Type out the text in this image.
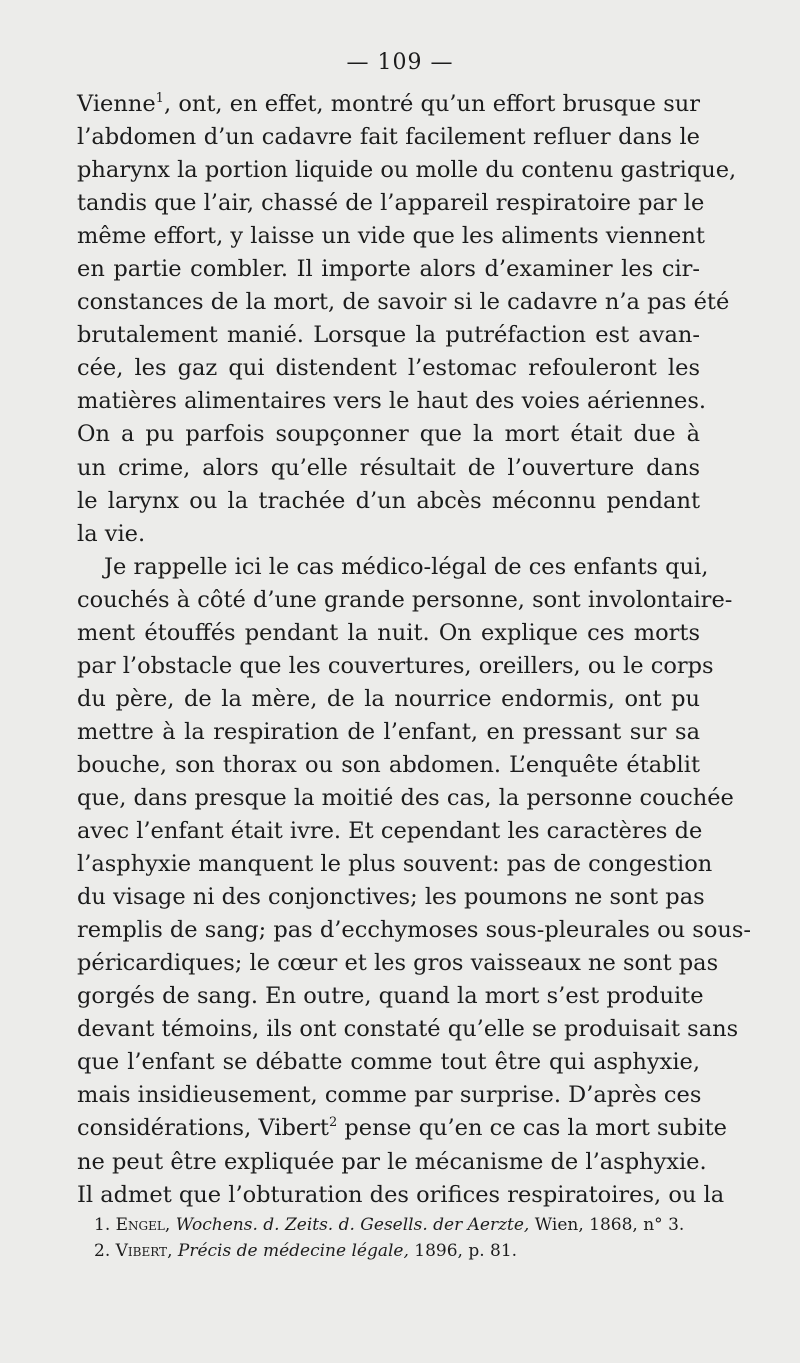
— 109 —
Vienne$^1$, ont, en effet, montré qu’un effort brusque sur
l’abdomen d’un cadavre fait facilement refluer dans le
pharynx la portion liquide ou molle du contenu gastrique,
tandis que l’air, chassé de l’appareil respiratoire par le
même effort, y laisse un vide que les aliments viennent
en partie combler. Il importe alors d’examiner les cir-
constances de la mort, de savoir si le cadavre n’a pas été
brutalement manié. Lorsque la putréfaction est avan-
cée, les gaz qui distendent l’estomac refouleront les
matières alimentaires vers le haut des voies aériennes.
On a pu parfois soupçonner que la mort était due à
un crime, alors qu’elle résultait de l’ouverture dans
le larynx ou la trachée d’un abcès méconnu pendant
la vie.
Je rappelle ici le cas médico-légal de ces enfants qui,
couchés à côté d’une grande personne, sont involontaire-
ment étouffés pendant la nuit. On explique ces morts
par l’obstacle que les couvertures, oreillers, ou le corps
du père, de la mère, de la nourrice endormis, ont pu
mettre à la respiration de l’enfant, en pressant sur sa
bouche, son thorax ou son abdomen. L’enquête établit
que, dans presque la moitié des cas, la personne couchée
avec l’enfant était ivre. Et cependant les caractères de
l’asphyxie manquent le plus souvent: pas de congestion
du visage ni des conjonctives; les poumons ne sont pas
remplis de sang; pas d’ecchymoses sous-pleurales ou sous-
péricardiques; le cœur et les gros vaisseaux ne sont pas
gorgés de sang. En outre, quand la mort s’est produite
devant témoins, ils ont constaté qu’elle se produisait sans
que l’enfant se débatte comme tout être qui asphyxie,
mais insidieusement, comme par surprise. D’après ces
considérations, Vibert$^2$ pense qu’en ce cas la mort subite
ne peut être expliquée par le mécanisme de l’asphyxie.
Il admet que l’obturation des orifices respiratoires, ou la
1. Engel, Wochens. d. Zeits. d. Gesells. der Aerzte, Wien, 1868, n° 3.
2. Vibert, Précis de médecine légale, 1896, p. 81.
